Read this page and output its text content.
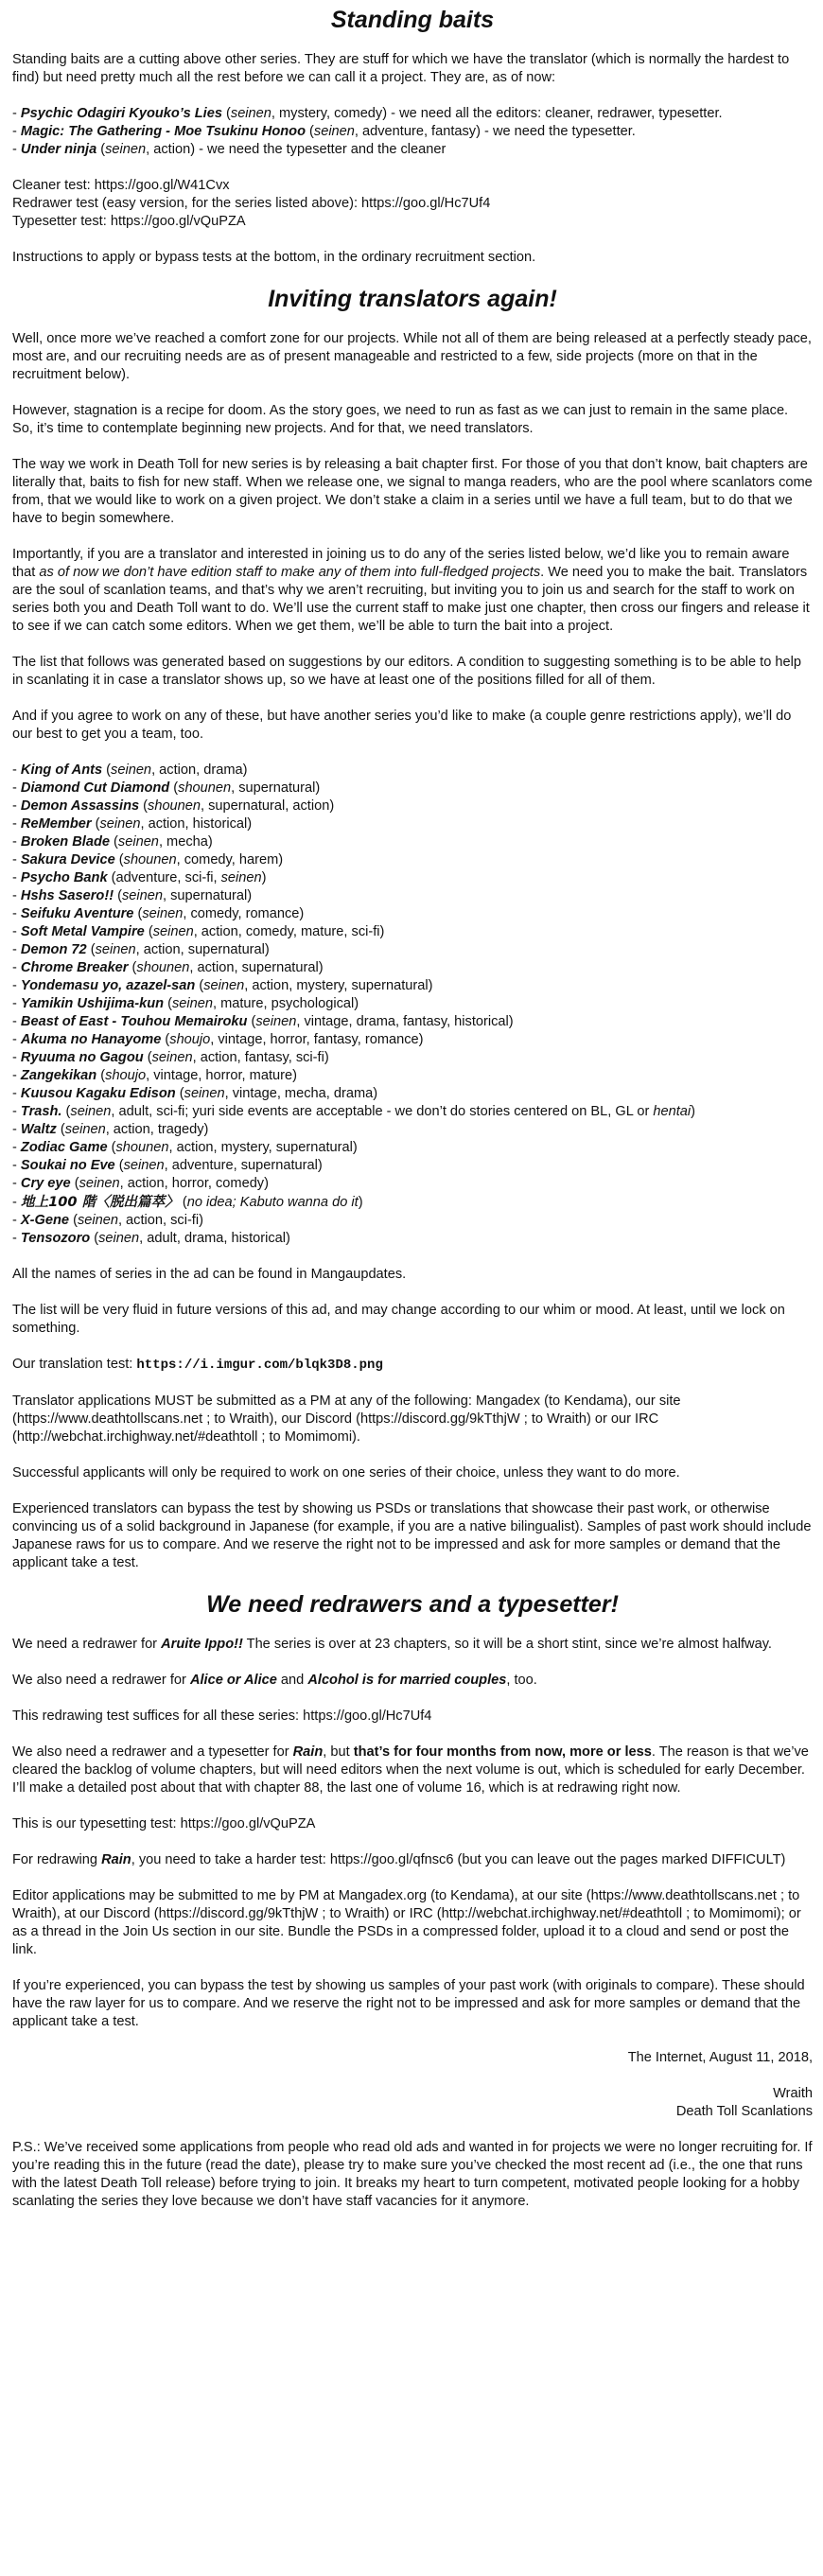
Standing baits

Standing baits are a cutting above other series. They are stuff for which we have the translator (which is normally the hardest to find) but need pretty much all the rest before we can call it a project. They are, as of now:

- Psychic Odagiri Kyouko’s Lies (seinen, mystery, comedy) - we need all the editors: cleaner, redrawer, typesetter.
- Magic: The Gathering - Moe Tsukinu Honoo (seinen, adventure, fantasy) - we need the typesetter.
- Under ninja (seinen, action) - we need the typesetter and the cleaner
Cleaner test: https://goo.gl/W41Cvx
Redrawer test (easy version, for the series listed above): https://goo.gl/Hc7Uf4
Typesetter test: https://goo.gl/vQuPZA

Instructions to apply or bypass tests at the bottom, in the ordinary recruitment section.

Inviting translators again!

Well, once more we’ve reached a comfort zone for our projects. While not all of them are being released at a perfectly steady pace, most are, and our recruiting needs are as of present manageable and restricted to a few, side projects (more on that in the recruitment below).

However, stagnation is a recipe for doom. As the story goes, we need to run as fast as we can just to remain in the same place. So, it’s time to contemplate beginning new projects. And for that, we need translators.

The way we work in Death Toll for new series is by releasing a bait chapter first. For those of you that don’t know, bait chapters are literally that, baits to fish for new staff. When we release one, we signal to manga readers, who are the pool where scanlators come from, that we would like to work on a given project. We don’t stake a claim in a series until we have a full team, but to do that we have to begin somewhere.

Importantly, if you are a translator and interested in joining us to do any of the series listed below, we’d like you to remain aware that as of now we don’t have edition staff to make any of them into full-fledged projects. We need you to make the bait. Translators are the soul of scanlation teams, and that’s why we aren’t recruiting, but inviting you to join us and search for the staff to work on series both you and Death Toll want to do. We’ll use the current staff to make just one chapter, then cross our fingers and release it to see if we can catch some editors. When we get them, we’ll be able to turn the bait into a project.

The list that follows was generated based on suggestions by our editors. A condition to suggesting something is to be able to help in scanlating it in case a translator shows up, so we have at least one of the positions filled for all of them.

And if you agree to work on any of these, but have another series you’d like to make (a couple genre restrictions apply), we’ll do our best to get you a team, too.

- King of Ants (seinen, action, drama)
- Diamond Cut Diamond (shounen, supernatural)
- Demon Assassins (shounen, supernatural, action)
- ReMember (seinen, action, historical)
- Broken Blade (seinen, mecha)
- Sakura Device (shounen, comedy, harem)
- Psycho Bank (adventure, sci-fi, seinen)
- Hshs Sasero!! (seinen, supernatural)
- Seifuku Aventure (seinen, comedy, romance)
- Soft Metal Vampire (seinen, action, comedy, mature, sci-fi)
- Demon 72 (seinen, action, supernatural)
- Chrome Breaker (shounen, action, supernatural)
- Yondemasu yo, azazel-san (seinen, action, mystery, supernatural)
- Yamikin Ushijima-kun (seinen, mature, psychological)
- Beast of East - Touhou Memairoku (seinen, vintage, drama, fantasy, historical)
- Akuma no Hanayome (shoujo, vintage, horror, fantasy, romance)
- Ryuuma no Gagou (seinen, action, fantasy, sci-fi)
- Zangekikan (shoujo, vintage, horror, mature)
- Kuusou Kagaku Edison (seinen, vintage, mecha, drama)
- Trash. (seinen, adult, sci-fi; yuri side events are acceptable - we don’t do stories centered on BL, GL or hentai)
- Waltz (seinen, action, tragedy)
- Zodiac Game (shounen, action, mystery, supernatural)
- Soukai no Eve (seinen, adventure, supernatural)
- Cry eye (seinen, action, horror, comedy)
- 地上100 階〈脱出篇萃〉 (no idea; Kabuto wanna do it)
- X-Gene (seinen, action, sci-fi)
- Tensozoro (seinen, adult, drama, historical)

All the names of series in the ad can be found in Mangaupdates.

The list will be very fluid in future versions of this ad, and may change according to our whim or mood. At least, until we lock on something.

Our translation test: https://i.imgur.com/blqk3D8.png

Translator applications MUST be submitted as a PM at any of the following: Mangadex (to Kendama), our site (https://www.deathtollscans.net ; to Wraith), our Discord (https://discord.gg/9kTthjW ; to Wraith) or our IRC (http://webchat.irchighway.net/#deathtoll ; to Momimomi).

Successful applicants will only be required to work on one series of their choice, unless they want to do more.

Experienced translators can bypass the test by showing us PSDs or translations that showcase their past work, or otherwise convincing us of a solid background in Japanese (for example, if you are a native bilingualist). Samples of past work should include Japanese raws for us to compare. And we reserve the right not to be impressed and ask for more samples or demand that the applicant take a test.

We need redrawers and a typesetter!

We need a redrawer for Aruite Ippo!! The series is over at 23 chapters, so it will be a short stint, since we’re almost halfway.

We also need a redrawer for Alice or Alice and Alcohol is for married couples, too.

This redrawing test suffices for all these series: https://goo.gl/Hc7Uf4

We also need a redrawer and a typesetter for Rain, but that’s for four months from now, more or less. The reason is that we’ve cleared the backlog of volume chapters, but will need editors when the next volume is out, which is scheduled for early December. I’ll make a detailed post about that with chapter 88, the last one of volume 16, which is at redrawing right now.

This is our typesetting test: https://goo.gl/vQuPZA

For redrawing Rain, you need to take a harder test: https://goo.gl/qfnsc6 (but you can leave out the pages marked DIFFICULT)

Editor applications may be submitted to me by PM at Mangadex.org (to Kendama), at our site (https://www.deathtollscans.net ; to Wraith), at our Discord (https://discord.gg/9kTthjW ; to Wraith) or IRC (http://webchat.irchighway.net/#deathtoll ; to Momimomi); or as a thread in the Join Us section in our site. Bundle the PSDs in a compressed folder, upload it to a cloud and send or post the link.

If you’re experienced, you can bypass the test by showing us samples of your past work (with originals to compare). These should have the raw layer for us to compare. And we reserve the right not to be impressed and ask for more samples or demand that the applicant take a test.

The Internet, August 11, 2018,

Wraith

Death Toll Scanlations

P.S.: We’ve received some applications from people who read old ads and wanted in for projects we were no longer recruiting for. If you’re reading this in the future (read the date), please try to make sure you’ve checked the most recent ad (i.e., the one that runs with the latest Death Toll release) before trying to join. It breaks my heart to turn competent, motivated people looking for a hobby scanlating the series they love because we don’t have staff vacancies for it anymore.
